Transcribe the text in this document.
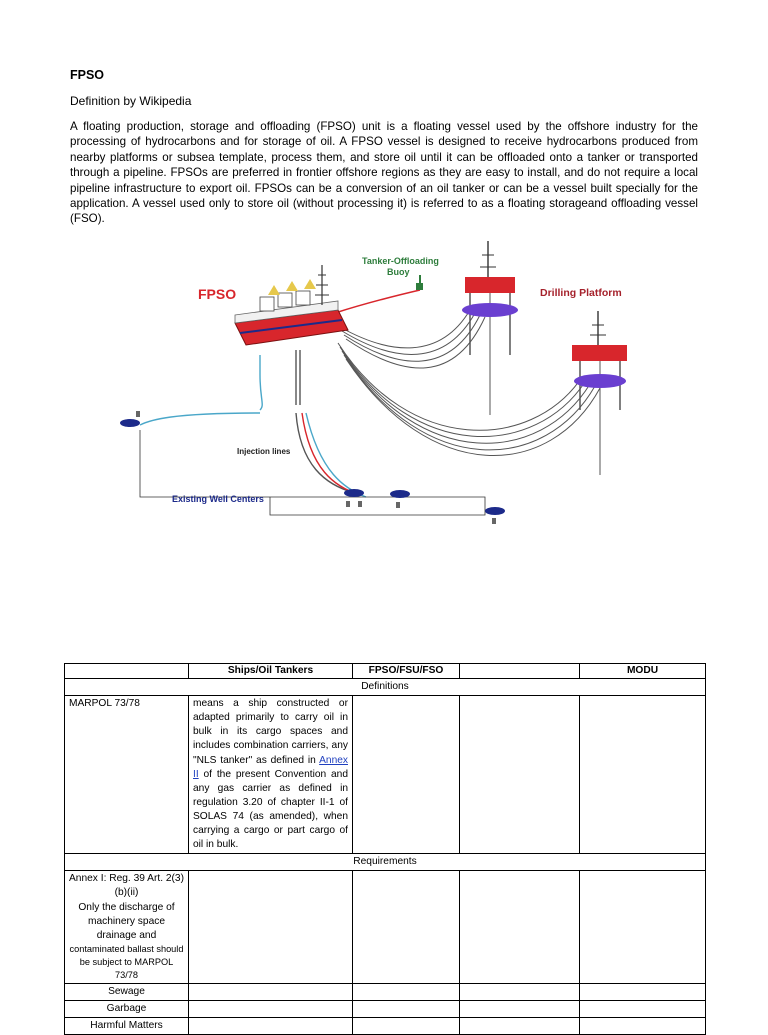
FPSO
Definition by Wikipedia
A floating production, storage and offloading (FPSO) unit is a floating vessel used by the offshore industry for the processing of hydrocarbons and for storage of oil. A FPSO vessel is designed to receive hydrocarbons produced from nearby platforms or subsea template, process them, and store oil until it can be offloaded onto a tanker or transported through a pipeline. FPSOs are preferred in frontier offshore regions as they are easy to install, and do not require a local pipeline infrastructure to export oil. FPSOs can be a conversion of an oil tanker or can be a vessel built specially for the application. A vessel used only to store oil (without processing it) is referred to as a floating storageand offloading vessel (FSO).
FPSO
Tanker-Offloading
Buoy
Drilling Platform
Injection lines
Existing Well Centers
	Ships/Oil Tankers	FPSO/FSU/FSO		MODU
Definitions				
MARPOL 73/78	means a ship constructed or adapted primarily to carry oil in bulk in its cargo spaces and includes combination carriers, any "NLS tanker" as defined in Annex II of the present Convention and any gas carrier as defined in regulation 3.20 of chapter II-1 of SOLAS 74 (as amended), when carrying a cargo or part cargo of oil in bulk.			
Requirements				

Annex I: Reg. 39 Art. 2(3)(b)(ii)
Only the discharge of machinery space drainage and
contaminated ballast should be subject to MARPOL 73/78				

Sewage				
Garbage				
Harmful Matters				
